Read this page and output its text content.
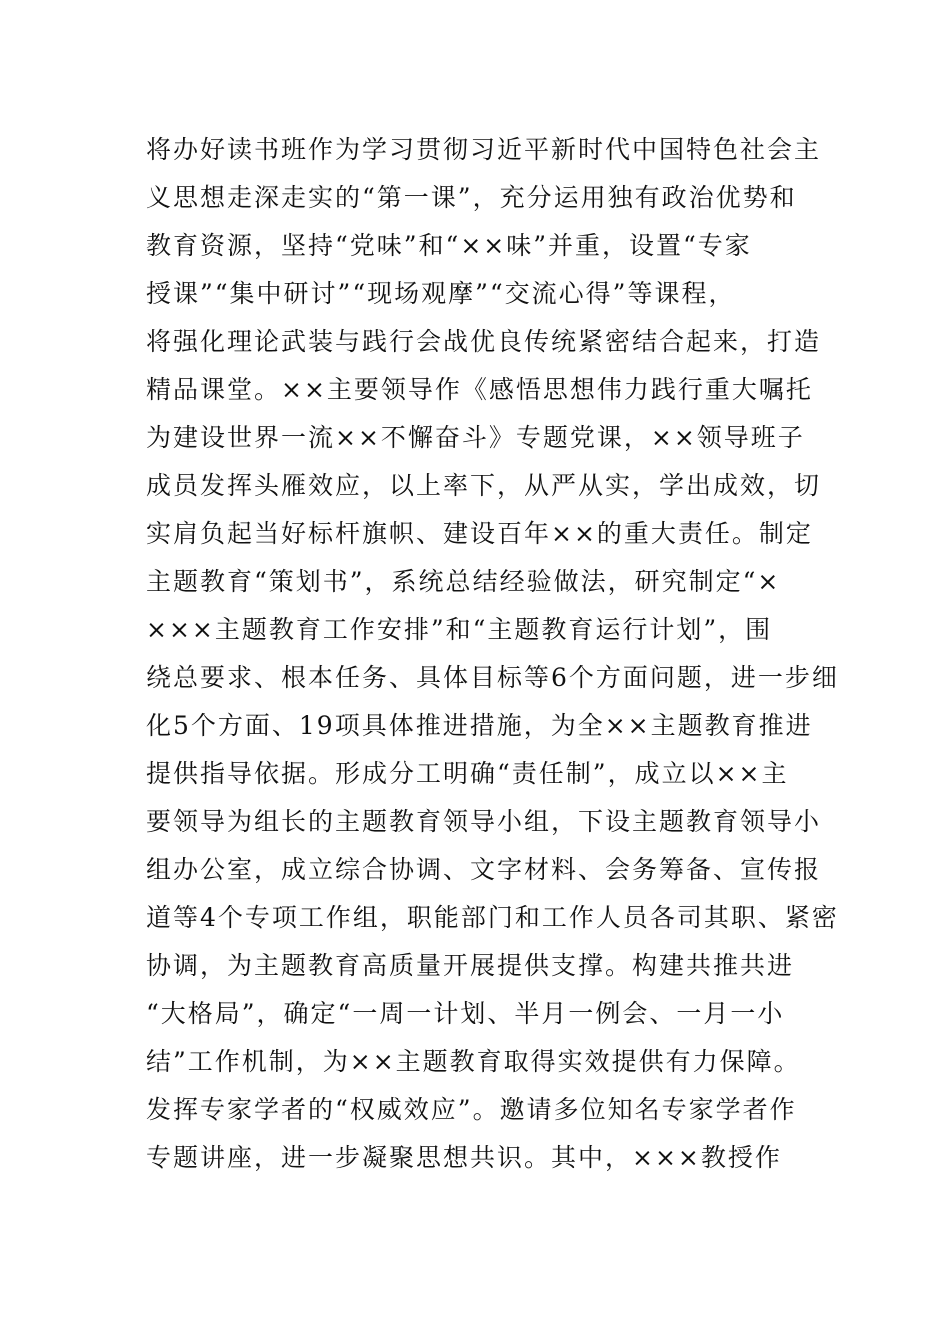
将办好读书班作为学习贯彻习近平新时代中国特色社会主
义思想走深走实的“第一课”，充分运用独有政治优势和
教育资源，坚持“党味”和“××味”并重，设置“专家
授课”“集中研讨”“现场观摩”“交流心得”等课程，
将强化理论武装与践行会战优良传统紧密结合起来，打造
精品课堂。××主要领导作《感悟思想伟力践行重大嘱托
为建设世界一流××不懈奋斗》专题党课，××领导班子
成员发挥头雁效应，以上率下，从严从实，学出成效，切
实肩负起当好标杆旗帜、建设百年××的重大责任。制定
主题教育“策划书”，系统总结经验做法，研究制定“×
×××主题教育工作安排”和“主题教育运行计划”，围
绕总要求、根本任务、具体目标等6个方面问题，进一步细
化5个方面、19项具体推进措施，为全××主题教育推进
提供指导依据。形成分工明确“责任制”，成立以××主
要领导为组长的主题教育领导小组，下设主题教育领导小
组办公室，成立综合协调、文字材料、会务筹备、宣传报
道等4个专项工作组，职能部门和工作人员各司其职、紧密
协调，为主题教育高质量开展提供支撑。构建共推共进
“大格局”，确定“一周一计划、半月一例会、一月一小
结”工作机制，为××主题教育取得实效提供有力保障。
发挥专家学者的“权威效应”。邀请多位知名专家学者作
专题讲座，进一步凝聚思想共识。其中，×××教授作
